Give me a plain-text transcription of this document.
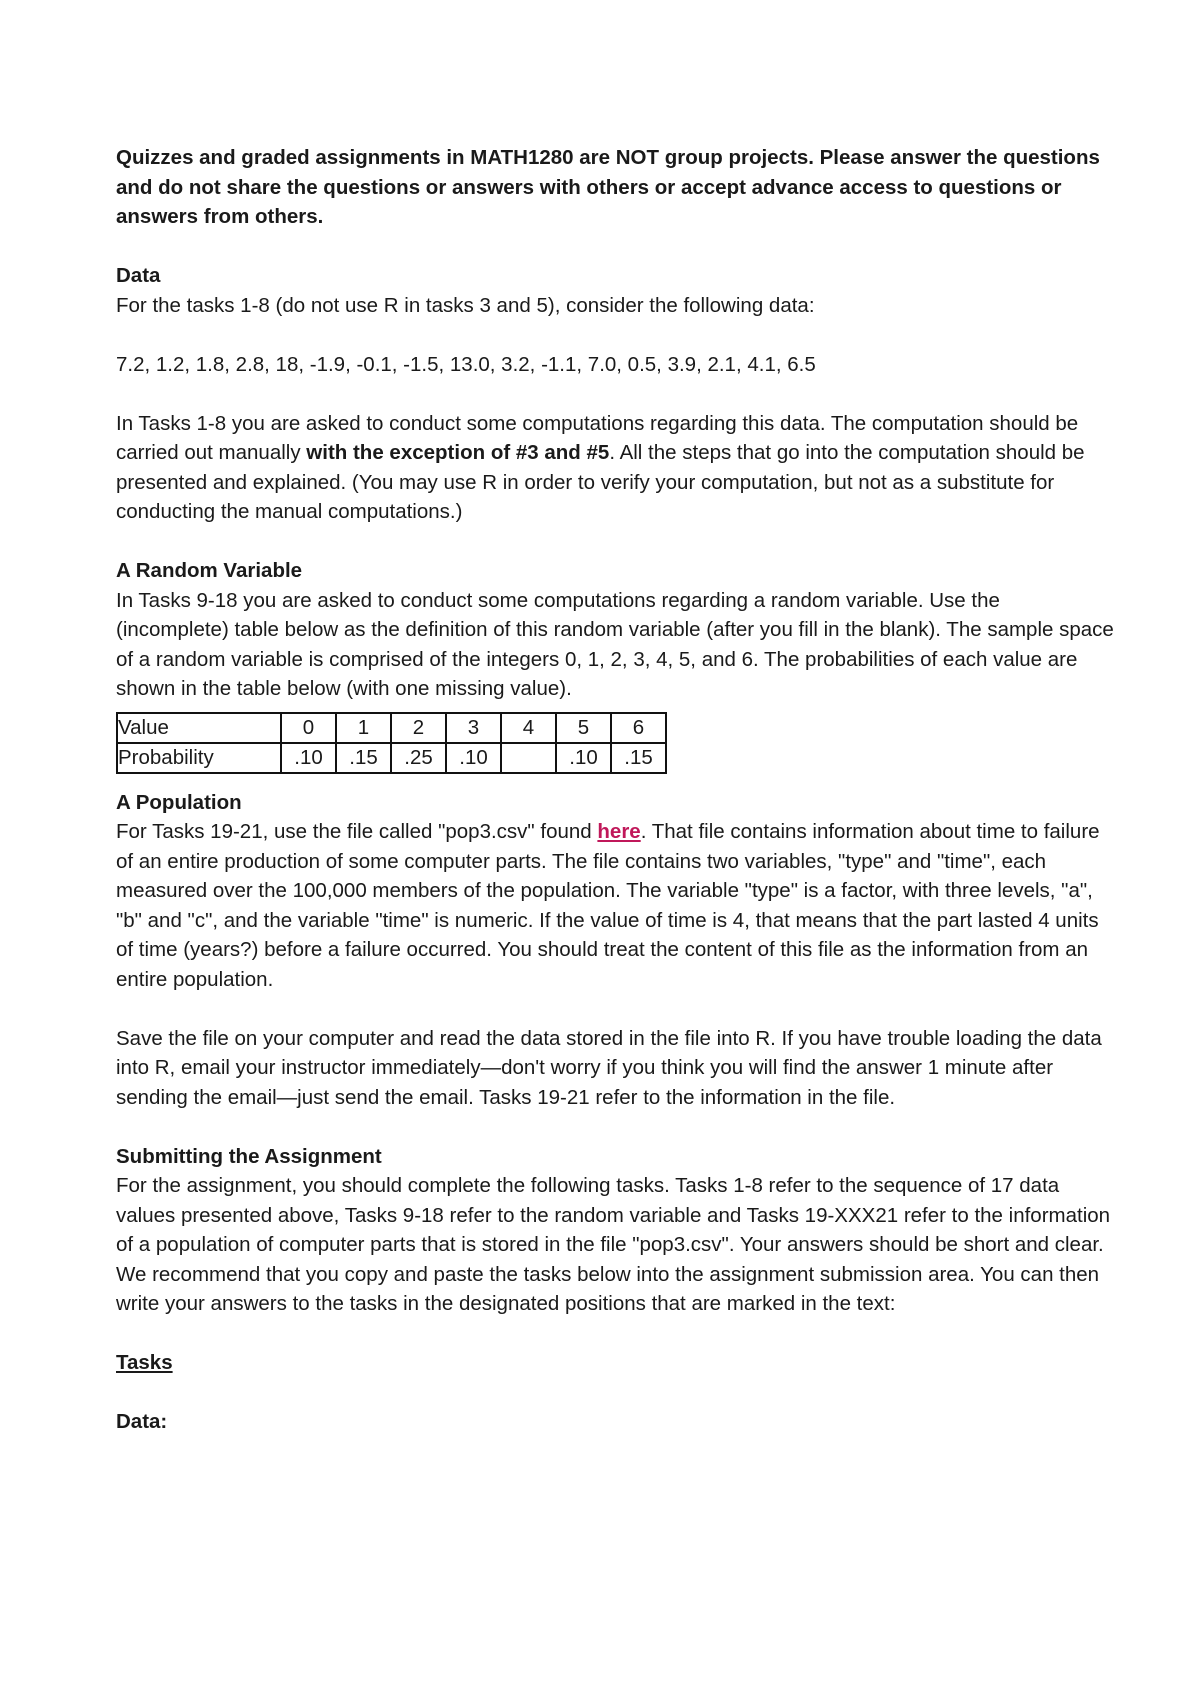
Quizzes and graded assignments in MATH1280 are NOT group projects. Please answer the questions and do not share the questions or answers with others or accept advance access to questions or answers from others.

Data

For the tasks 1-8 (do not use R in tasks 3 and 5), consider the following data:

7.2, 1.2, 1.8, 2.8, 18, -1.9, -0.1, -1.5, 13.0, 3.2, -1.1, 7.0, 0.5, 3.9, 2.1, 4.1, 6.5

In Tasks 1-8 you are asked to conduct some computations regarding this data. The computation should be carried out manually with the exception of #3 and #5. All the steps that go into the computation should be presented and explained. (You may use R in order to verify your computation, but not as a substitute for conducting the manual computations.)

A Random Variable

In Tasks 9-18 you are asked to conduct some computations regarding a random variable. Use the (incomplete) table below as the definition of this random variable (after you fill in the blank). The sample space of a random variable is comprised of the integers 0, 1, 2, 3, 4, 5, and 6. The probabilities of each value are shown in the table below (with one missing value).

Value	0	1	2	3	4	5	6
Probability	.10	.15	.25	.10		.10	.15

A Population

For Tasks 19-21, use the file called "pop3.csv" found here. That file contains information about time to failure of an entire production of some computer parts. The file contains two variables, "type" and "time", each measured over the 100,000 members of the population. The variable "type" is a factor, with three levels, "a", "b" and "c", and the variable "time" is numeric. If the value of time is 4, that means that the part lasted 4 units of time (years?) before a failure occurred. You should treat the content of this file as the information from an entire population.

Save the file on your computer and read the data stored in the file into R. If you have trouble loading the data into R, email your instructor immediately—don't worry if you think you will find the answer 1 minute after sending the email—just send the email. Tasks 19-21 refer to the information in the file.

Submitting the Assignment

For the assignment, you should complete the following tasks. Tasks 1-8 refer to the sequence of 17 data values presented above, Tasks 9-18 refer to the random variable and Tasks 19-XXX21 refer to the information of a population of computer parts that is stored in the file "pop3.csv". Your answers should be short and clear.

We recommend that you copy and paste the tasks below into the assignment submission area. You can then write your answers to the tasks in the designated positions that are marked in the text:

Tasks

Data:
